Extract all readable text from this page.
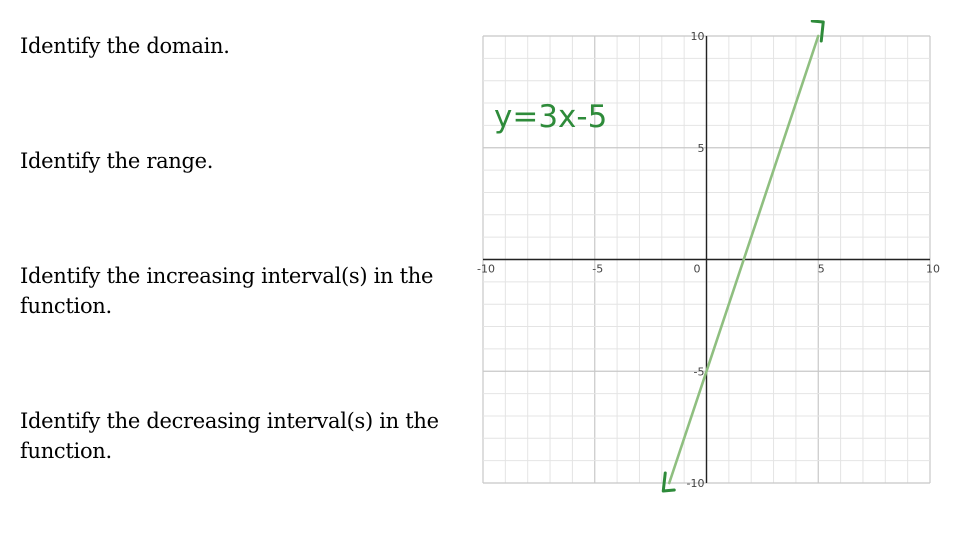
Identify the domain.
Identify the range.
Identify the increasing interval(s) in the function.
Identify the decreasing interval(s) in the function.
-10	-5	0	5	10
10
5
-5
-10
y=3x-5
